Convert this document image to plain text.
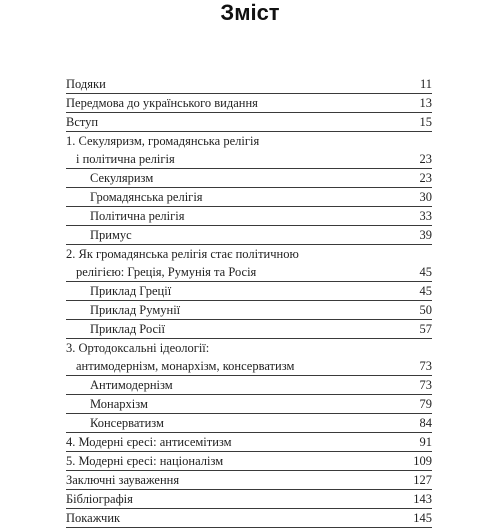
Зміст
Подяки	11
Передмова до українського видання	13
Вступ	15
1. Секуляризм, громадянська релігія
і політична релігія	23
Секуляризм	23
Громадянська релігія	30
Політична релігія	33
Примус	39
2. Як громадянська релігія стає політичною
релігією: Греція, Румунія та Росія	45
Приклад Греції	45
Приклад Румунії	50
Приклад Росії	57
3. Ортодоксальні ідеології:
антимодернізм, монархізм, консерватизм	73
Антимодернізм	73
Монархізм	79
Консерватизм	84
4. Модерні єресі: антисемітизм	91
5. Модерні єресі: націоналізм	109
Заключні зауваження	127
Бібліографія	143
Покажчик	145
